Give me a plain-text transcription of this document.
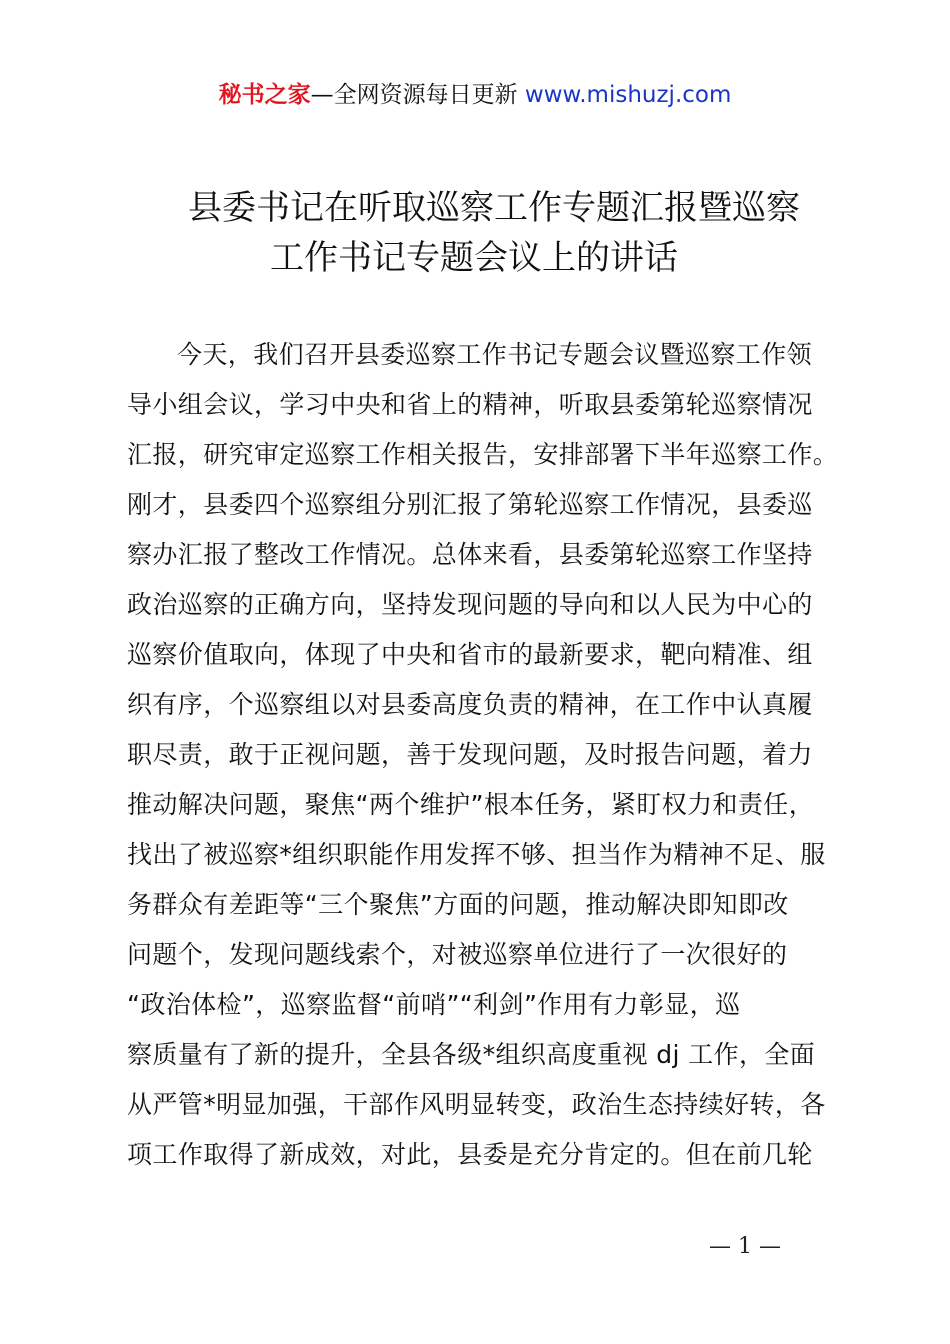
秘书之家—全网资源每日更新 www.mishuzj.com
县委书记在听取巡察工作专题汇报暨巡察
工作书记专题会议上的讲话
今天，我们召开县委巡察工作书记专题会议暨巡察工作领
导小组会议，学习中央和省上的精神，听取县委第轮巡察情况
汇报，研究审定巡察工作相关报告，安排部署下半年巡察工作。
刚才，县委四个巡察组分别汇报了第轮巡察工作情况，县委巡
察办汇报了整改工作情况。总体来看，县委第轮巡察工作坚持
政治巡察的正确方向，坚持发现问题的导向和以人民为中心的
巡察价值取向，体现了中央和省市的最新要求，靶向精准、组
织有序，个巡察组以对县委高度负责的精神，在工作中认真履
职尽责，敢于正视问题，善于发现问题，及时报告问题，着力
推动解决问题，聚焦“两个维护”根本任务，紧盯权力和责任，
找出了被巡察*组织职能作用发挥不够、担当作为精神不足、服
务群众有差距等“三个聚焦”方面的问题，推动解决即知即改
问题个，发现问题线索个，对被巡察单位进行了一次很好的
“政治体检”，巡察监督“前哨”“利剑”作用有力彰显，巡
察质量有了新的提升，全县各级*组织高度重视 dj 工作，全面
从严管*明显加强，干部作风明显转变，政治生态持续好转，各
项工作取得了新成效，对此，县委是充分肯定的。但在前几轮
— 1 —
